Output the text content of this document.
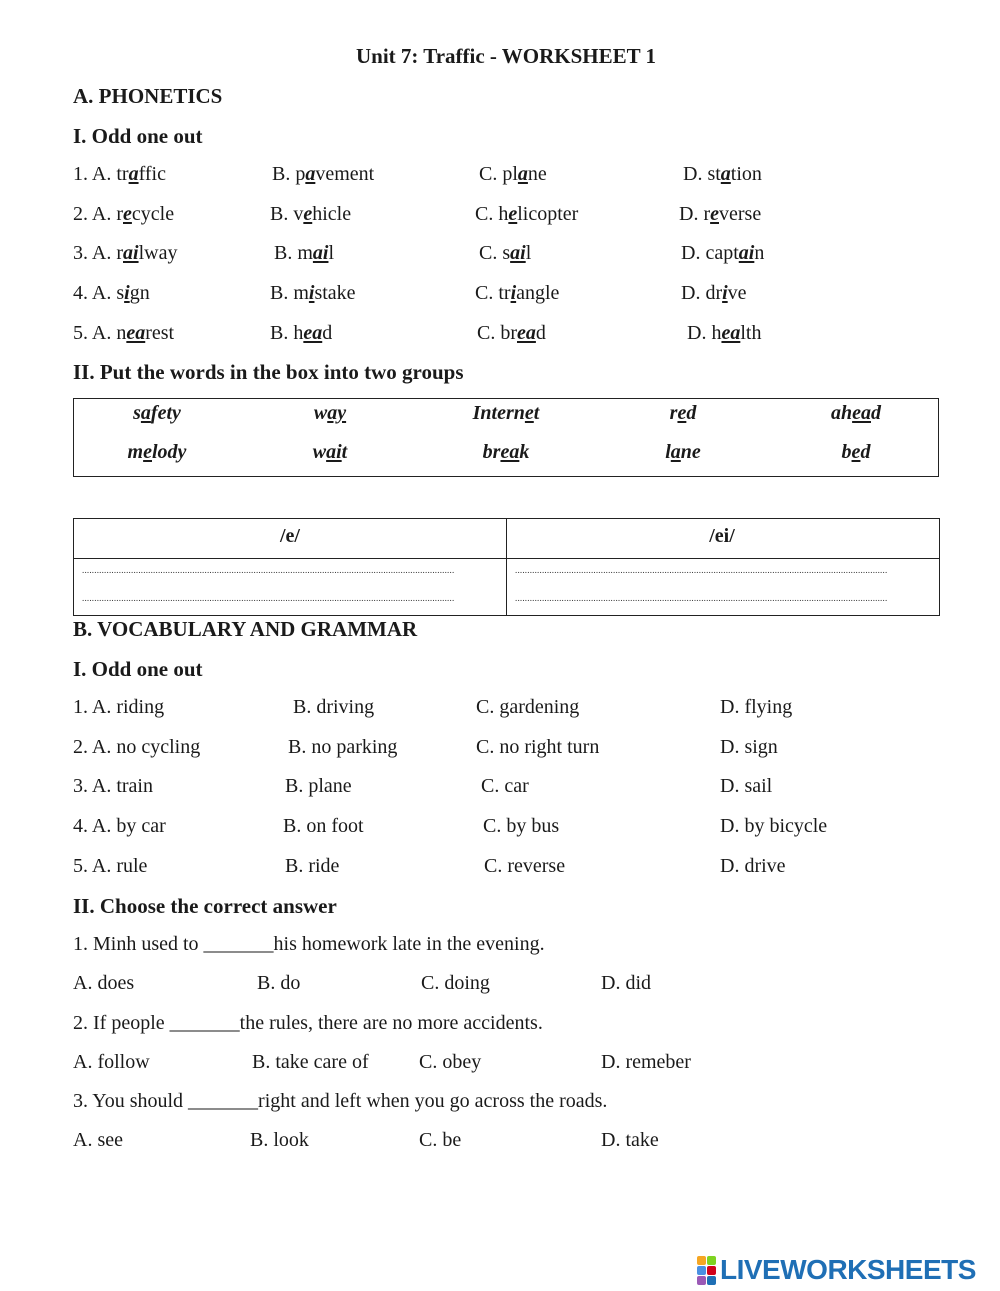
Unit 7: Traffic - WORKSHEET 1
A. PHONETICS
I. Odd one out
1. A. traffic	B. pavement	C. plane	D. station
2. A. recycle	B. vehicle	C. helicopter	D. reverse
3. A. railway	B. mail	C. sail	D. captain
4. A. sign	B. mistake	C. triangle	D. drive
5. A. nearest	B. head	C. bread	D. health
II. Put the words in the box into two groups
safety	way	Internet	red	ahead
melody	wait	break	lane	bed
/e/	/ei/
........................................................................................................................................................
........................................................................................................................................................
........................................................................................................................................................
........................................................................................................................................................
B. VOCABULARY AND GRAMMAR
I. Odd one out
1. A. riding	B. driving	C. gardening	D. flying
2. A. no cycling	B. no parking	C. no right turn	D. sign
3. A. train	B. plane	C. car	D. sail
4. A. by car	B. on foot	C. by bus	D. by bicycle
5. A. rule	B. ride	C. reverse	D. drive
II. Choose the correct answer
1. Minh used to _______his homework late in the evening.
A. does	B. do	C. doing	D. did
2. If people _______the rules, there are no more accidents.
A. follow	B. take care of	C. obey	D. remeber
3. You should _______right and left when you go across the roads.
A. see	B. look	C. be	D. take
LIVEWORKSHEETS
